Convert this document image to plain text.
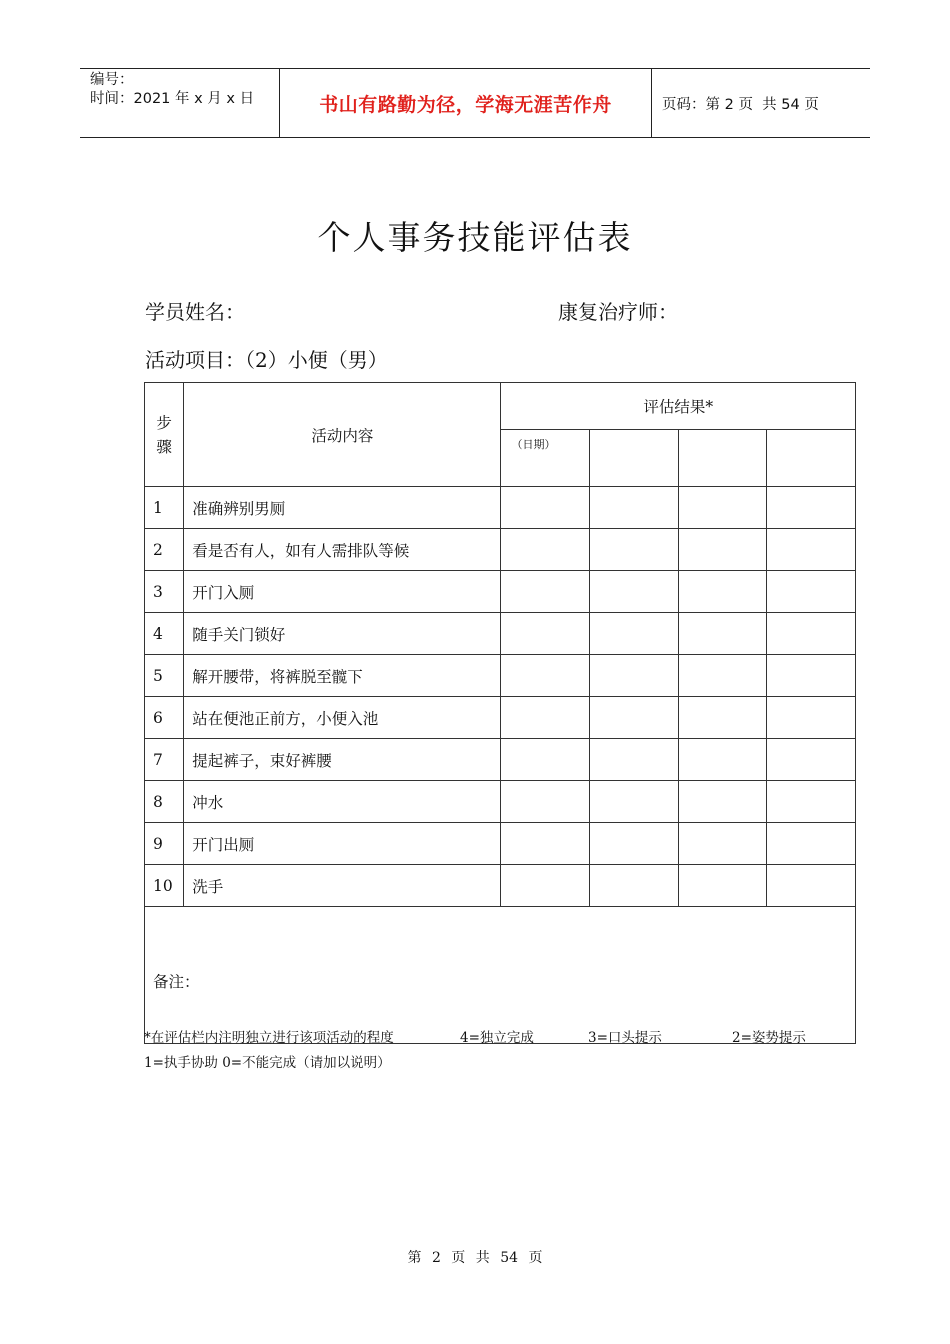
编号：
时间：2021 年 x 月 x 日	书山有路勤为径，学海无涯苦作舟	页码：第 2 页  共 54 页
个人事务技能评估表
学员姓名：	康复治疗师：
活动项目：（2）小便（男）
步骤	活动内容	评估结果*			
		（日期）			
1	准确辨别男厕				
2	看是否有人，如有人需排队等候				
3	开门入厕				
4	随手关门锁好				
5	解开腰带，将裤脱至髋下				
6	站在便池正前方，小便入池				
7	提起裤子，束好裤腰				
8	冲水				
9	开门出厕				
10	洗手				
备注：					
*在评估栏内注明独立进行该项活动的程度	4=独立完成	3=口头提示	2=姿势提示
1=执手协助 0=不能完成（请加以说明）
第 2 页 共 54 页
